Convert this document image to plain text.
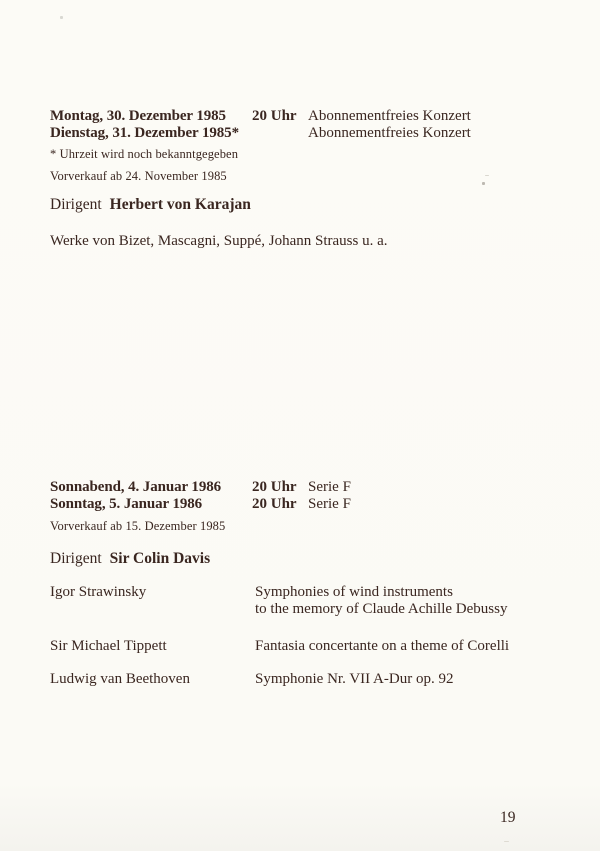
Montag, 30. Dezember 1985	20 Uhr Abonnementfreies Konzert
Dienstag, 31. Dezember 1985*	Abonnementfreies Konzert
* Uhrzeit wird noch bekanntgegeben
Vorverkauf ab 24. November 1985
Dirigent Herbert von Karajan
Werke von Bizet, Mascagni, Suppé, Johann Strauss u. a.
Sonnabend, 4. Januar 1986	20 Uhr Serie F
Sonntag, 5. Januar 1986	20 Uhr Serie F
Vorverkauf ab 15. Dezember 1985
Dirigent Sir Colin Davis
Igor Strawinsky	Symphonies of wind instruments
to the memory of Claude Achille Debussy
Sir Michael Tippett	Fantasia concertante on a theme of Corelli
Ludwig van Beethoven	Symphonie Nr. VII A-Dur op. 92
19
